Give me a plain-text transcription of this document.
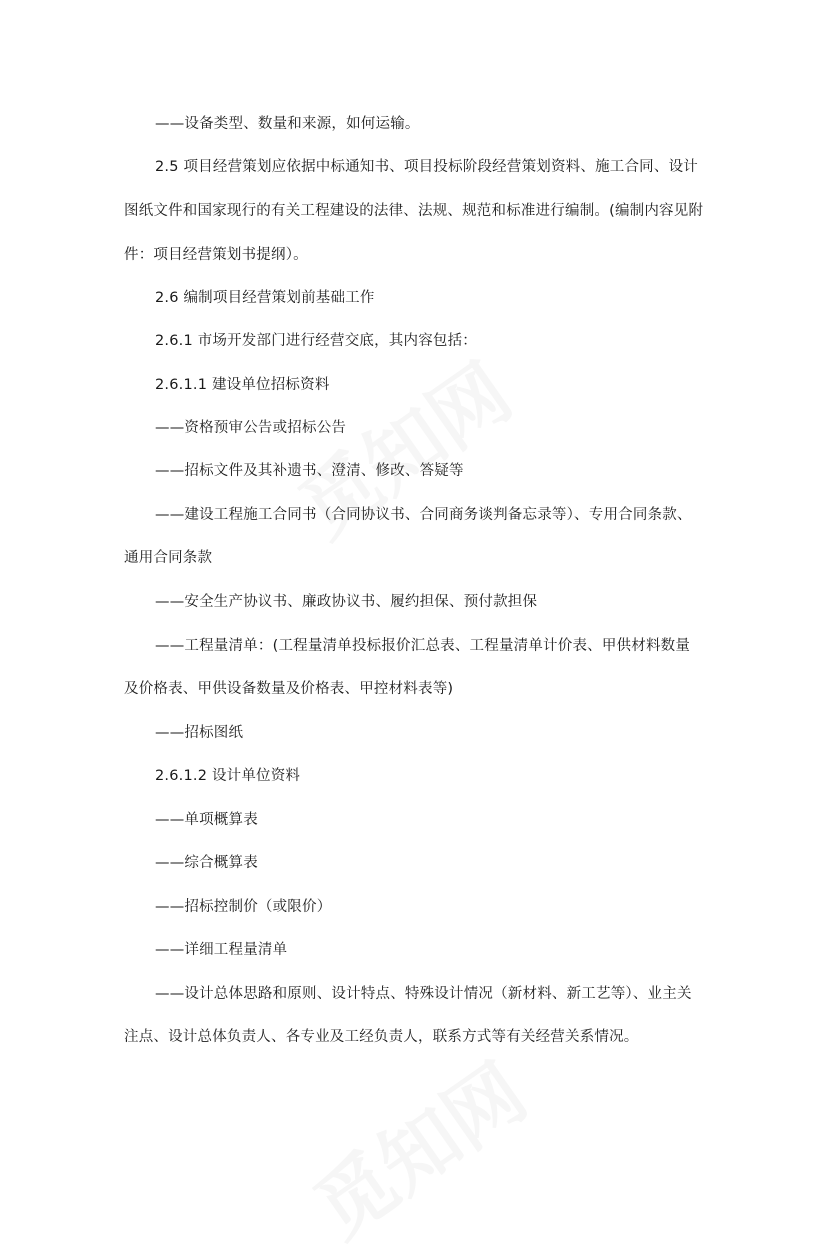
——设备类型、数量和来源，如何运输。
2.5 项目经营策划应依据中标通知书、项目投标阶段经营策划资料、施工合同、设计
图纸文件和国家现行的有关工程建设的法律、法规、规范和标准进行编制。(编制内容见附
件：项目经营策划书提纲）。
2.6 编制项目经营策划前基础工作
2.6.1 市场开发部门进行经营交底，其内容包括：
2.6.1.1 建设单位招标资料
——资格预审公告或招标公告
——招标文件及其补遗书、澄清、修改、答疑等
——建设工程施工合同书（合同协议书、合同商务谈判备忘录等）、专用合同条款、
通用合同条款
——安全生产协议书、廉政协议书、履约担保、预付款担保
——工程量清单：(工程量清单投标报价汇总表、工程量清单计价表、甲供材料数量
及价格表、甲供设备数量及价格表、甲控材料表等)
——招标图纸
2.6.1.2 设计单位资料
——单项概算表
——综合概算表
——招标控制价（或限价）
——详细工程量清单
——设计总体思路和原则、设计特点、特殊设计情况（新材料、新工艺等）、业主关
注点、设计总体负责人、各专业及工经负责人，联系方式等有关经营关系情况。
